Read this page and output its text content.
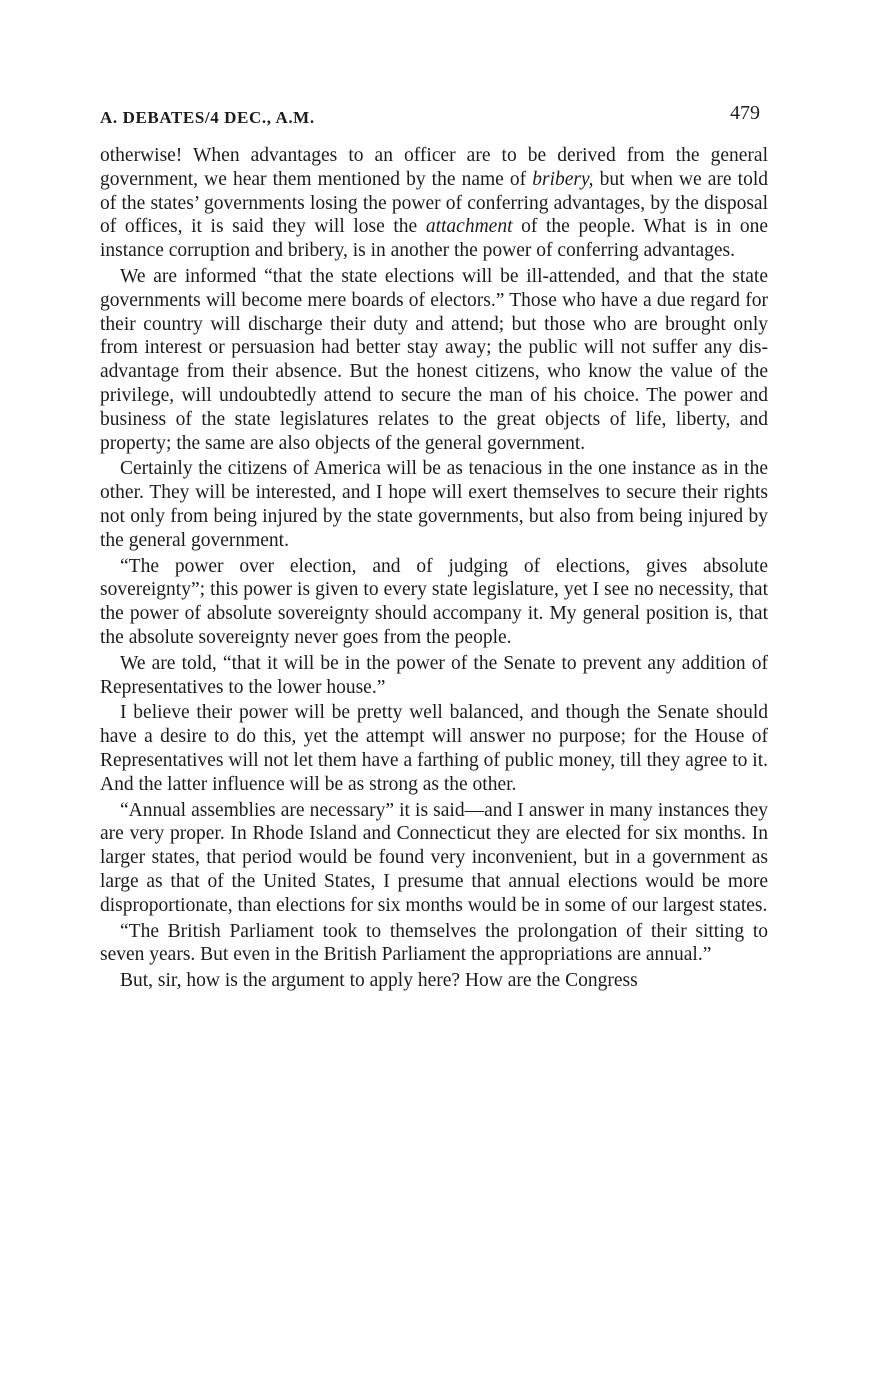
A. DEBATES/4 DEC., A.M.	479

otherwise! When advantages to an officer are to be derived from the general government, we hear them mentioned by the name of bribery, but when we are told of the states’ governments losing the power of conferring advantages, by the disposal of offices, it is said they will lose the attachment of the people. What is in one instance corruption and bribery, is in another the power of conferring advantages.

We are informed “that the state elections will be ill-attended, and that the state governments will become mere boards of electors.” Those who have a due regard for their country will discharge their duty and attend; but those who are brought only from interest or persuasion had better stay away; the public will not suffer any disadvantage from their absence. But the honest citizens, who know the value of the privilege, will undoubtedly attend to secure the man of his choice. The power and business of the state legislatures relates to the great objects of life, liberty, and property; the same are also objects of the general government.

Certainly the citizens of America will be as tenacious in the one instance as in the other. They will be interested, and I hope will exert themselves to secure their rights not only from being injured by the state governments, but also from being injured by the general government.

“The power over election, and of judging of elections, gives absolute sovereignty”; this power is given to every state legislature, yet I see no necessity, that the power of absolute sovereignty should accompany it. My general position is, that the absolute sovereignty never goes from the people.

We are told, “that it will be in the power of the Senate to prevent any addition of Representatives to the lower house.”

I believe their power will be pretty well balanced, and though the Senate should have a desire to do this, yet the attempt will answer no purpose; for the House of Representatives will not let them have a farthing of public money, till they agree to it. And the latter influence will be as strong as the other.

“Annual assemblies are necessary” it is said—and I answer in many instances they are very proper. In Rhode Island and Connecticut they are elected for six months. In larger states, that period would be found very inconvenient, but in a government as large as that of the United States, I presume that annual elections would be more disproportionate, than elections for six months would be in some of our largest states.

“The British Parliament took to themselves the prolongation of their sitting to seven years. But even in the British Parliament the appropriations are annual.”

But, sir, how is the argument to apply here? How are the Congress
